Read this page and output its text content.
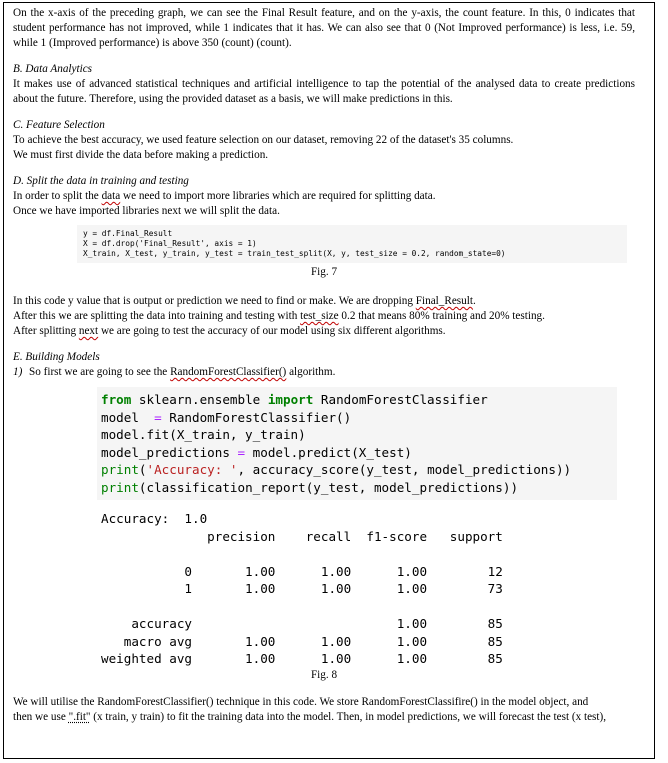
On the x-axis of the preceding graph, we can see the Final Result feature, and on the y-axis, the count feature. In this, 0 indicates that student performance has not improved, while 1 indicates that it has. We can also see that 0 (Not Improved performance) is less, i.e. 59, while 1 (Improved performance) is above 350 (count) (count).

B. Data Analytics

It makes use of advanced statistical techniques and artificial intelligence to tap the potential of the analysed data to create predictions about the future. Therefore, using the provided dataset as a basis, we will make predictions in this.

C. Feature Selection

To achieve the best accuracy, we used feature selection on our dataset, removing 22 of the dataset's 35 columns.

We must first divide the data before making a prediction.

D. Split the data in training and testing

In order to split the data we need to import more libraries which are required for splitting data.

Once we have imported libraries next we will split the data.

y = df.Final_Result
X = df.drop('Final_Result', axis = 1)
X_train, X_test, y_train, y_test = train_test_split(X, y, test_size = 0.2, random_state=0)

Fig. 7

In this code y value that is output or prediction we need to find or make. We are dropping Final_Result.

After this we are splitting the data into training and testing with test_size 0.2 that means 80% training and 20% testing.

After splitting next we are going to test the accuracy of our model using six different algorithms.

E. Building Models

1) So first we are going to see the RandomForestClassifier() algorithm.
from sklearn.ensemble import RandomForestClassifier
model  = RandomForestClassifier()
model.fit(X_train, y_train)
model_predictions = model.predict(X_test)
print('Accuracy: ', accuracy_score(y_test, model_predictions))
print(classification_report(y_test, model_predictions))
Accuracy:  1.0
precision    recall  f1-score   support

0       1.00      1.00      1.00        12
1       1.00      1.00      1.00        73

accuracy                           1.00        85
macro avg       1.00      1.00      1.00        85
weighted avg       1.00      1.00      1.00        85

Fig. 8

We will utilise the RandomForestClassifier() technique in this code. We store RandomForestClassifire() in the model object, and

then we use ".fit" (x train, y train) to fit the training data into the model. Then, in model predictions, we will forecast the test (x test),
